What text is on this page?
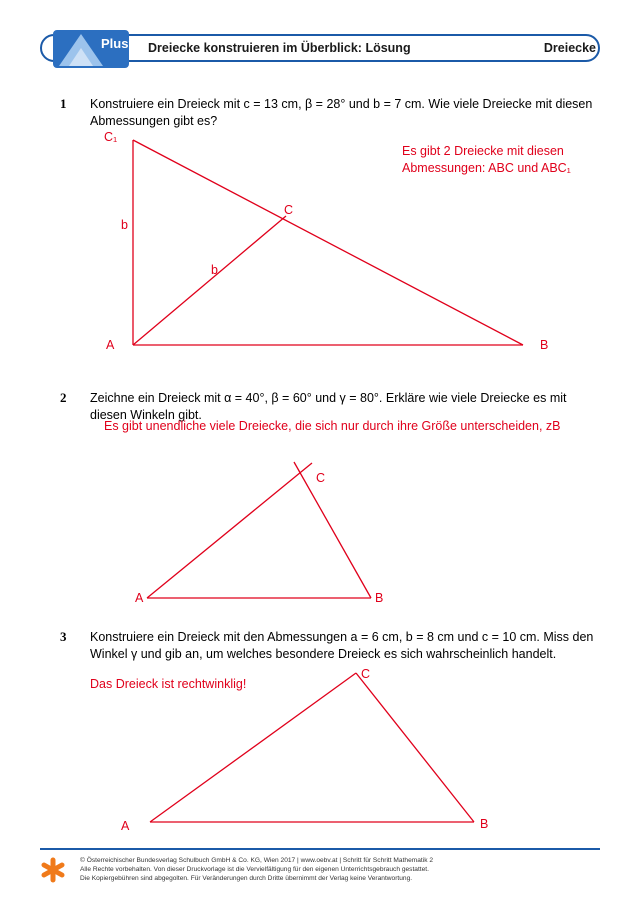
Plus Dreiecke konstruieren im Überblick: Lösung	Dreiecke
1 Konstruiere ein Dreieck mit c = 13 cm, β = 28° und b = 7 cm. Wie viele Dreiecke mit diesen
Abmessungen gibt es?
Es gibt 2 Dreiecke mit diesen
Abmessungen: ABC und ABC₁
2 Zeichne ein Dreieck mit α = 40°, β = 60° und γ = 80°. Erkläre wie viele Dreiecke es mit
diesen Winkeln gibt.
Es gibt unendliche viele Dreiecke, die sich nur durch ihre Größe unterscheiden, zB
3 Konstruiere ein Dreieck mit den Abmessungen a = 6 cm, b = 8 cm und c = 10 cm. Miss den
Winkel γ und gib an, um welches besondere Dreieck es sich wahrscheinlich handelt.
Das Dreieck ist rechtwinklig!
C₁
C
A	B
b
b
C
A	B
C
A	B
© Österreichischer Bundesverlag Schulbuch GmbH & Co. KG, Wien 2017 | www.oebv.at | Schritt für Schritt Mathematik 2
Alle Rechte vorbehalten. Von dieser Druckvorlage ist die Vervielfältigung für den eigenen Unterrichtsgebrauch gestattet.
Die Kopiergebühren sind abgegolten. Für Veränderungen durch Dritte übernimmt der Verlag keine Verantwortung.
